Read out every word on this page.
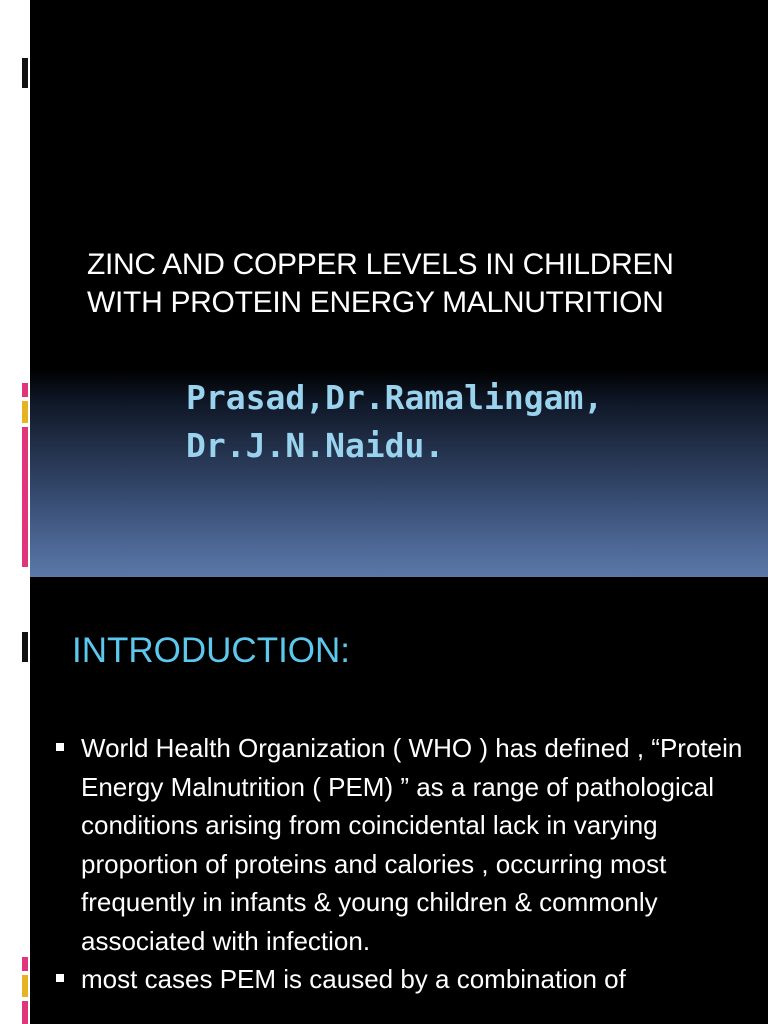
ZINC AND COPPER LEVELS IN CHILDREN WITH PROTEIN ENERGY MALNUTRITION
Prasad,Dr.Ramalingam,
Dr.J.N.Naidu.
INTRODUCTION:
World Health Organization ( WHO ) has defined , “Protein Energy Malnutrition ( PEM) ” as a range of pathological conditions arising from coincidental lack in varying proportion of proteins and calories , occurring most frequently in infants & young children & commonly associated with infection.
most cases PEM is caused by a combination of
